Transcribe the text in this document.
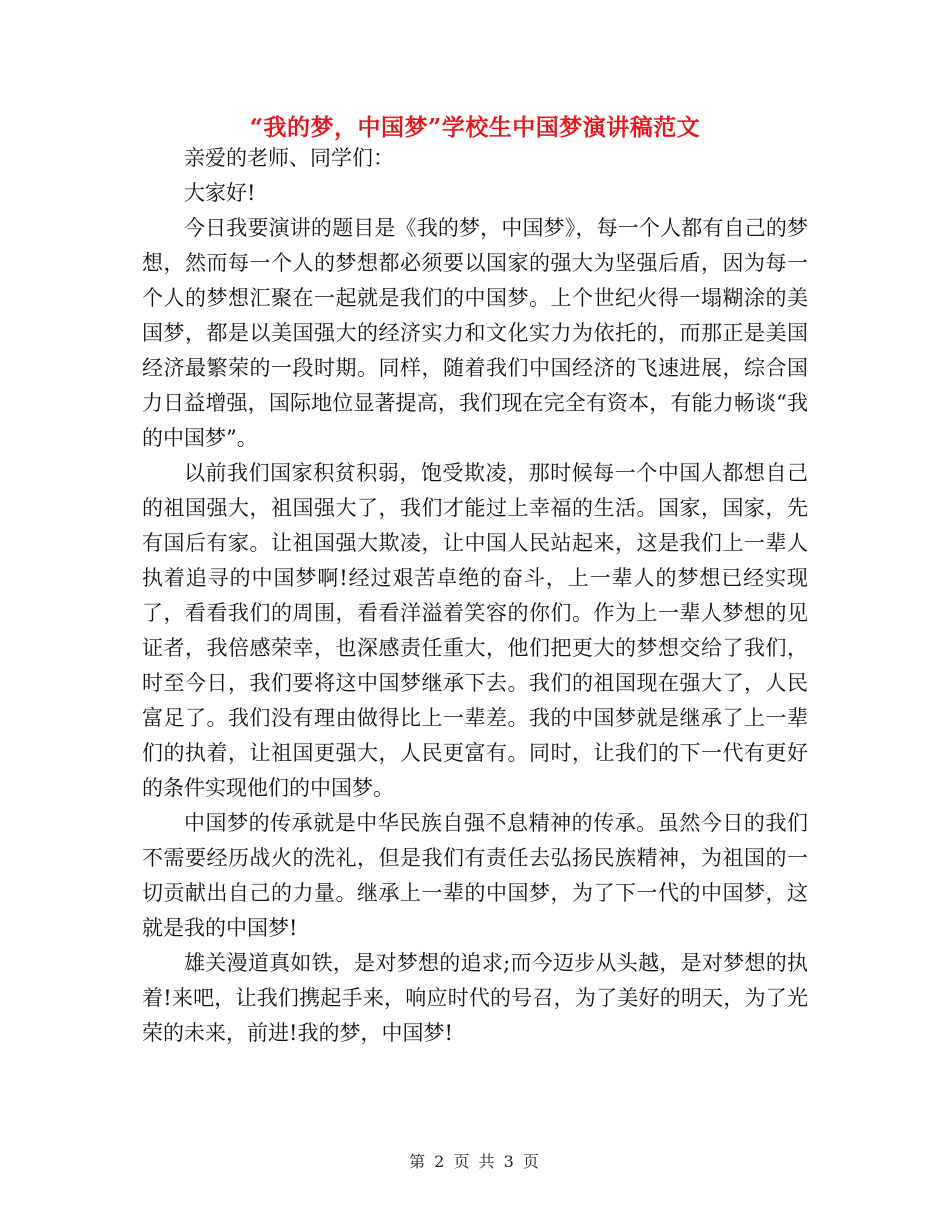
“我的梦，中国梦”学校生中国梦演讲稿范文

亲爱的老师、同学们：

大家好!

今日我要演讲的题目是《我的梦，中国梦》，每一个人都有自己的梦想，然而每一个人的梦想都必须要以国家的强大为坚强后盾，因为每一个人的梦想汇聚在一起就是我们的中国梦。上个世纪火得一塌糊涂的美国梦，都是以美国强大的经济实力和文化实力为依托的，而那正是美国经济最繁荣的一段时期。同样，随着我们中国经济的飞速进展，综合国力日益增强，国际地位显著提高，我们现在完全有资本，有能力畅谈“我的中国梦”。

以前我们国家积贫积弱，饱受欺凌，那时候每一个中国人都想自己的祖国强大，祖国强大了，我们才能过上幸福的生活。国家，国家，先有国后有家。让祖国强大欺凌，让中国人民站起来，这是我们上一辈人执着追寻的中国梦啊!经过艰苦卓绝的奋斗，上一辈人的梦想已经实现了，看看我们的周围，看看洋溢着笑容的你们。作为上一辈人梦想的见证者，我倍感荣幸，也深感责任重大，他们把更大的梦想交给了我们，时至今日，我们要将这中国梦继承下去。我们的祖国现在强大了，人民富足了。我们没有理由做得比上一辈差。我的中国梦就是继承了上一辈们的执着，让祖国更强大，人民更富有。同时，让我们的下一代有更好的条件实现他们的中国梦。

中国梦的传承就是中华民族自强不息精神的传承。虽然今日的我们不需要经历战火的洗礼，但是我们有责任去弘扬民族精神，为祖国的一切贡献出自己的力量。继承上一辈的中国梦，为了下一代的中国梦，这就是我的中国梦!

雄关漫道真如铁，是对梦想的追求;而今迈步从头越，是对梦想的执着!来吧，让我们携起手来，响应时代的号召，为了美好的明天，为了光荣的未来，前进!我的梦，中国梦!

第 2 页 共 3 页
